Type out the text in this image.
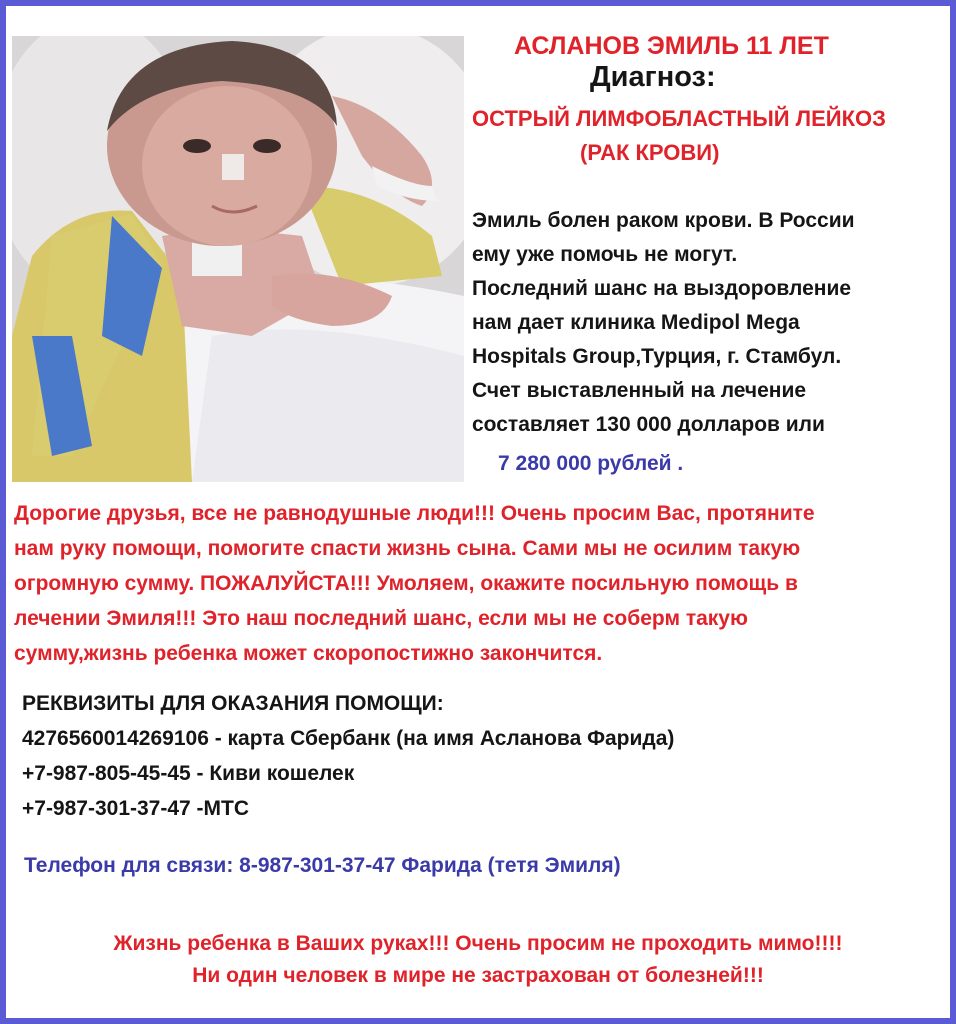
АСЛАНОВ ЭМИЛЬ 11 ЛЕТ
Диагноз:
ОСТРЫЙ ЛИМФОБЛАСТНЫЙ ЛЕЙКОЗ
(РАК КРОВИ)
Эмиль болен раком крови. В России
ему уже помочь не могут.
Последний шанс на выздоровление
нам дает клиника Medipol Mega
Hospitals Group,Турция, г. Стамбул.
Счет выставленный на лечение
составляет 130 000 долларов или
7 280 000 рублей .
Дорогие друзья, все не равнодушные люди!!! Очень просим Вас, протяните
нам руку помощи, помогите спасти жизнь сына. Сами мы не осилим такую
огромную сумму. ПОЖАЛУЙСТА!!! Умоляем, окажите посильную помощь в
лечении Эмиля!!! Это наш последний шанс, если мы не соберм такую
сумму,жизнь ребенка может скоропостижно закончится.
РЕКВИЗИТЫ ДЛЯ ОКАЗАНИЯ ПОМОЩИ:
4276560014269106 - карта Сбербанк (на имя Асланова Фарида)
+7-987-805-45-45 - Киви кошелек
+7-987-301-37-47 -МТС
Телефон для связи: 8-987-301-37-47 Фарида (тетя Эмиля)
Жизнь ребенка в Ваших руках!!! Очень просим не проходить мимо!!!!
Ни один человек в мире не застрахован от болезней!!!
